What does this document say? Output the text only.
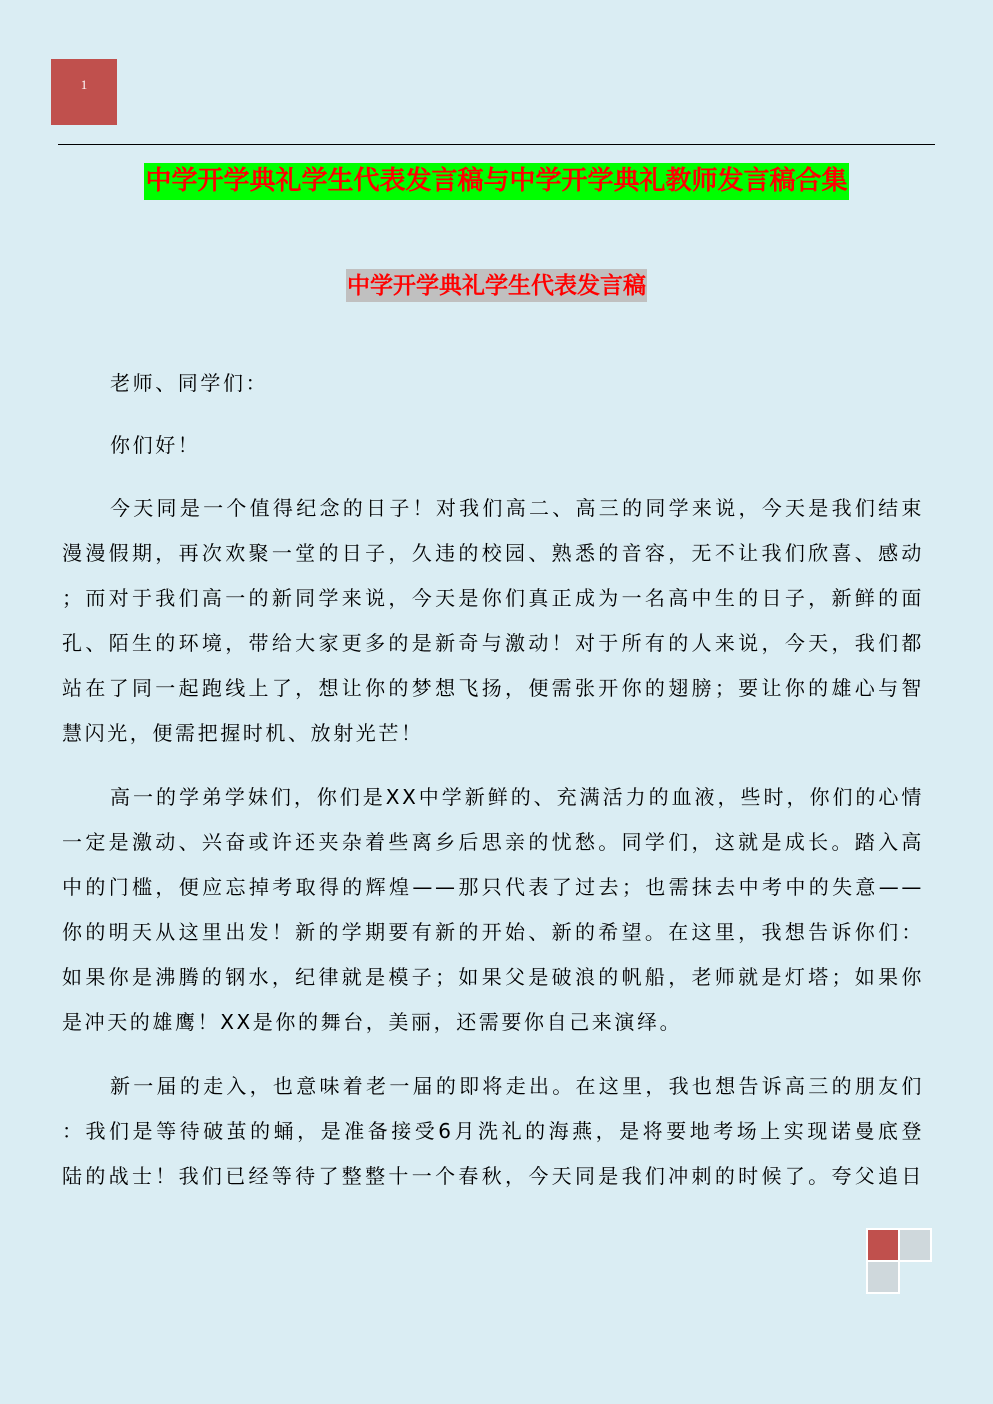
1
中学开学典礼学生代表发言稿与中学开学典礼教师发言稿合集
中学开学典礼学生代表发言稿
老师、同学们：
你们好！
今天同是一个值得纪念的日子！对我们高二、高三的同学来说，今天是我们结束
漫漫假期，再次欢聚一堂的日子，久违的校园、熟悉的音容，无不让我们欣喜、感动
；而对于我们高一的新同学来说，今天是你们真正成为一名高中生的日子，新鲜的面
孔、陌生的环境，带给大家更多的是新奇与激动！对于所有的人来说，今天，我们都
站在了同一起跑线上了，想让你的梦想飞扬，便需张开你的翅膀；要让你的雄心与智
慧闪光，便需把握时机、放射光芒！
高一的学弟学妹们，你们是XX中学新鲜的、充满活力的血液，些时，你们的心情
一定是激动、兴奋或许还夹杂着些离乡后思亲的忧愁。同学们，这就是成长。踏入高
中的门槛，便应忘掉考取得的辉煌——那只代表了过去；也需抹去中考中的失意——
你的明天从这里出发！新的学期要有新的开始、新的希望。在这里，我想告诉你们：
如果你是沸腾的钢水，纪律就是模子；如果父是破浪的帆船，老师就是灯塔；如果你
是冲天的雄鹰！XX是你的舞台，美丽，还需要你自己来演绎。
新一届的走入，也意味着老一届的即将走出。在这里，我也想告诉高三的朋友们
：我们是等待破茧的蛹，是准备接受6月洗礼的海燕，是将要地考场上实现诺曼底登
陆的战士！我们已经等待了整整十一个春秋，今天同是我们冲刺的时候了。夸父追日
